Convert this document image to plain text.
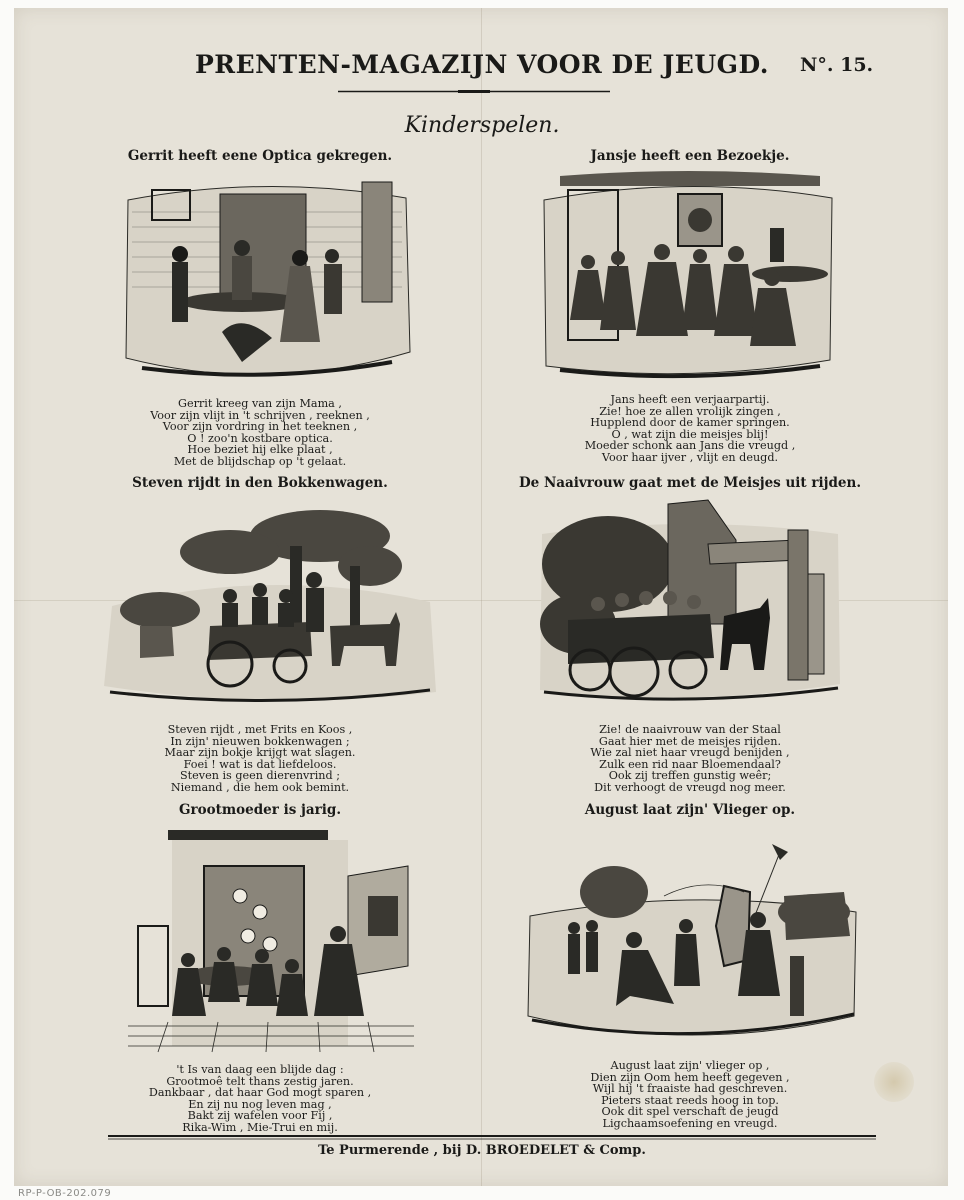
PRENTEN-MAGAZIJN VOOR DE JEUGD.	N°. 15.
Kinderspelen.
Gerrit heeft eene Optica gekregen.
Gerrit kreeg van zijn Mama ,
Voor zijn vlijt in 't schrijven , reeknen ,
Voor zijn vordring in het teeknen ,
O ! zoo'n kostbare optica.
Hoe beziet hij elke plaat ,
Met de blijdschap op 't gelaat.
Jansje heeft een Bezoekje.
Jans heeft een verjaarpartij.
Zie! hoe ze allen vrolijk zingen ,
Hupplend door de kamer springen.
O , wat zijn die meisjes blij!
Moeder schonk aan Jans die vreugd ,
Voor haar ijver , vlijt en deugd.
Steven rijdt in den Bokkenwagen.
Steven rijdt , met Frits en Koos ,
In zijn' nieuwen bokkenwagen ;
Maar zijn bokje krijgt wat slagen.
Foei ! wat is dat liefdeloos.
Steven is geen dierenvrind ;
Niemand , die hem ook bemint.
De Naaivrouw gaat met de Meisjes uit rijden.
Zie! de naaivrouw van der Staal
Gaat hier met de meisjes rijden.
Wie zal niet haar vreugd benijden ,
Zulk een rid naar Bloemendaal?
Ook zij treffen gunstig weêr;
Dit verhoogt de vreugd nog meer.
Grootmoeder is jarig.
't Is van daag een blijde dag :
Grootmoê telt thans zestig jaren.
Dankbaar , dat haar God mogt sparen ,
En zij nu nog leven mag ,
Bakt zij wafelen voor Fij ,
Rika-Wim , Mie-Trui en mij.
August laat zijn' Vlieger op.
August laat zijn' vlieger op ,
Dien zijn Oom hem heeft gegeven ,
Wijl hij 't fraaiste had geschreven.
Pieters staat reeds hoog in top.
Ook dit spel verschaft de jeugd
Ligchaamsoefening en vreugd.
Te Purmerende , bij D. BROEDELET & Comp.
RP-P-OB-202.079
